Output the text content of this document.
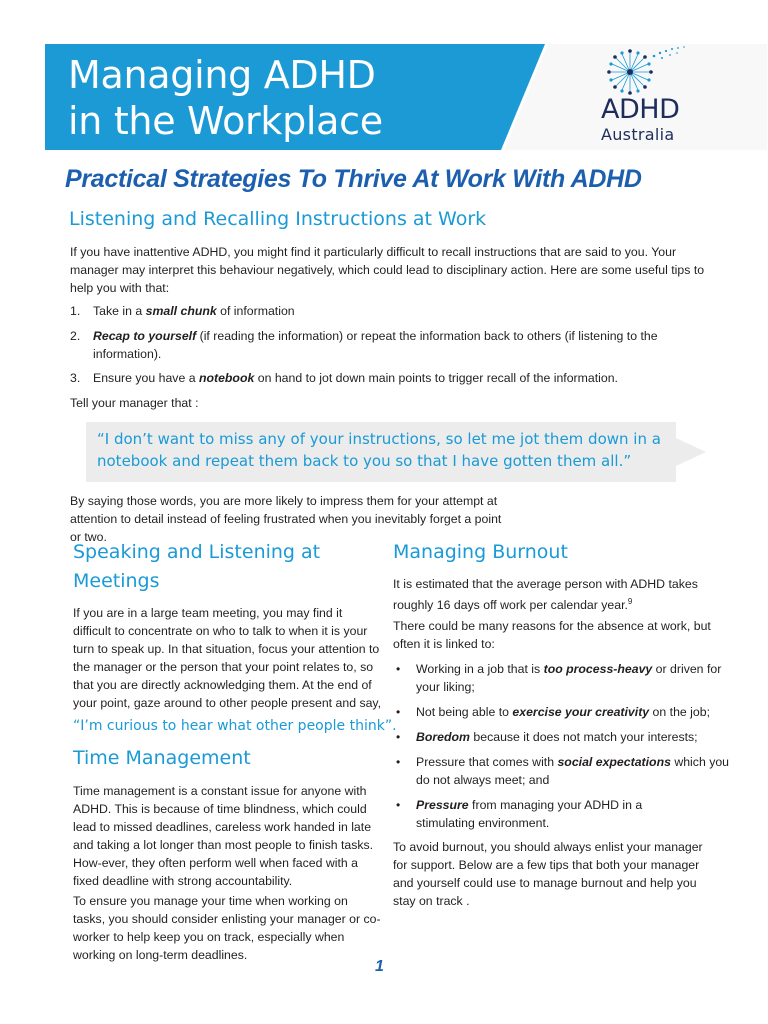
Managing ADHD
in the Workplace	ADHD
Australia
Practical Strategies To Thrive At Work With ADHD
Listening and Recalling Instructions at Work

If you have inattentive ADHD, you might find it particularly difficult to recall instructions that are said to you. Your manager may interpret this behaviour negatively, which could lead to disciplinary action. Here are some useful tips to help you with that:

1. Take in a small chunk of information
2. Recap to yourself (if reading the information) or repeat the information back to others (if listening to the information).
3. Ensure you have a notebook on hand to jot down main points to trigger recall of the information.
Tell your manager that :
“I don’t want to miss any of your instructions, so let me jot them down in a notebook and repeat them back to you so that I have gotten them all.”

By saying those words, you are more likely to impress them for your attempt at attention to detail instead of feeling frustrated when you inevitably forget a point or two.

Speaking and Listening at
Meetings

If you are in a large team meeting, you may find it difficult to concentrate on who to talk to when it is your turn to speak up. In that situation, focus your attention to the manager or the person that your point relates to, so that you are directly acknowledging them. At the end of your point, gaze around to other people present and say,

“I’m curious to hear what other people think”.
Time Management

Time management is a constant issue for anyone with ADHD. This is because of time blindness, which could lead to missed deadlines, careless work handed in late and taking a lot longer than most people to finish tasks. How-ever, they often perform well when faced with a fixed deadline with strong accountability.

To ensure you manage your time when working on tasks, you should consider enlisting your manager or co-worker to help keep you on track, especially when working on long-term deadlines.

Managing Burnout

It is estimated that the average person with ADHD takes roughly 16 days off work per calendar year.$^9$

There could be many reasons for the absence at work, but often it is linked to:

• Working in a job that is too process-heavy or driven for your liking;
• Not being able to exercise your creativity on the job;
• Boredom because it does not match your interests;
• Pressure that comes with social expectations which you do not always meet; and
• Pressure from managing your ADHD in a stimulating environment.

To avoid burnout, you should always enlist your manager for support. Below are a few tips that both your manager and yourself could use to manage burnout and help you stay on track .

1
